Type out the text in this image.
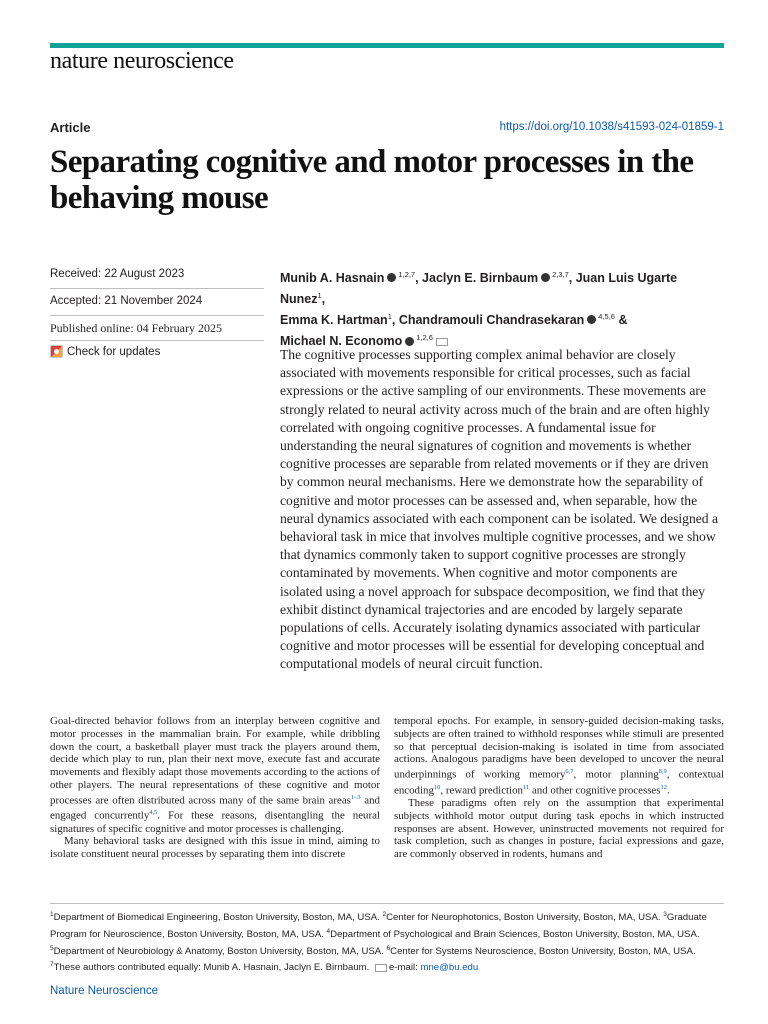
nature neuroscience
Article	https://doi.org/10.1038/s41593-024-01859-1
Separating cognitive and motor processes in the behaving mouse
Received: 22 August 2023
Accepted: 21 November 2024
Published online: 04 February 2025
Check for updates
Munib A. Hasnain $^{1,2,7}$, Jaclyn E. Birnbaum $^{2,3,7}$, Juan Luis Ugarte Nunez$^1$,
Emma K. Hartman$^1$, Chandramouli Chandrasekaran $^{4,5,6}$ &
Michael N. Economo $^{1,2,6}$

The cognitive processes supporting complex animal behavior are closely associated with movements responsible for critical processes, such as facial expressions or the active sampling of our environments. These movements are strongly related to neural activity across much of the brain and are often highly correlated with ongoing cognitive processes. A fundamental issue for understanding the neural signatures of cognition and movements is whether cognitive processes are separable from related movements or if they are driven by common neural mechanisms. Here we demonstrate how the separability of cognitive and motor processes can be assessed and, when separable, how the neural dynamics associated with each component can be isolated. We designed a behavioral task in mice that involves multiple cognitive processes, and we show that dynamics commonly taken to support cognitive processes are strongly contaminated by movements. When cognitive and motor components are isolated using a novel approach for subspace decomposition, we find that they exhibit distinct dynamical trajectories and are encoded by largely separate populations of cells. Accurately isolating dynamics associated with particular cognitive and motor processes will be essential for developing conceptual and computational models of neural circuit function.

Goal-directed behavior follows from an interplay between cognitive and motor processes in the mammalian brain. For example, while dribbling down the court, a basketball player must track the players around them, decide which play to run, plan their next move, execute fast and accurate movements and flexibly adapt those movements according to the actions of other players. The neural representations of these cognitive and motor processes are often distributed across many of the same brain areas$^{1-3}$ and engaged concurrently$^{4,5}$. For these reasons, disentangling the neural signatures of specific cognitive and motor processes is challenging.

Many behavioral tasks are designed with this issue in mind, aiming to isolate constituent neural processes by separating them into discrete

temporal epochs. For example, in sensory-guided decision-making tasks, subjects are often trained to withhold responses while stimuli are presented so that perceptual decision-making is isolated in time from associated actions. Analogous paradigms have been developed to uncover the neural underpinnings of working memory$^{6,7}$, motor planning$^{8,9}$, contextual encoding$^{10}$, reward prediction$^{11}$ and other cognitive processes$^{12}$.

These paradigms often rely on the assumption that experimental subjects withhold motor output during task epochs in which instructed responses are absent. However, uninstructed movements not required for task completion, such as changes in posture, facial expressions and gaze, are commonly observed in rodents, humans and

$^1$Department of Biomedical Engineering, Boston University, Boston, MA, USA. $^2$Center for Neurophotonics, Boston University, Boston, MA, USA. $^3$Graduate Program for Neuroscience, Boston University, Boston, MA, USA. $^4$Department of Psychological and Brain Sciences, Boston University, Boston, MA, USA.
$^5$Department of Neurobiology & Anatomy, Boston University, Boston, MA, USA. $^6$Center for Systems Neuroscience, Boston University, Boston, MA, USA.
$^7$These authors contributed equally: Munib A. Hasnain, Jaclyn E. Birnbaum. e-mail: mne@bu.edu
Nature Neuroscience
